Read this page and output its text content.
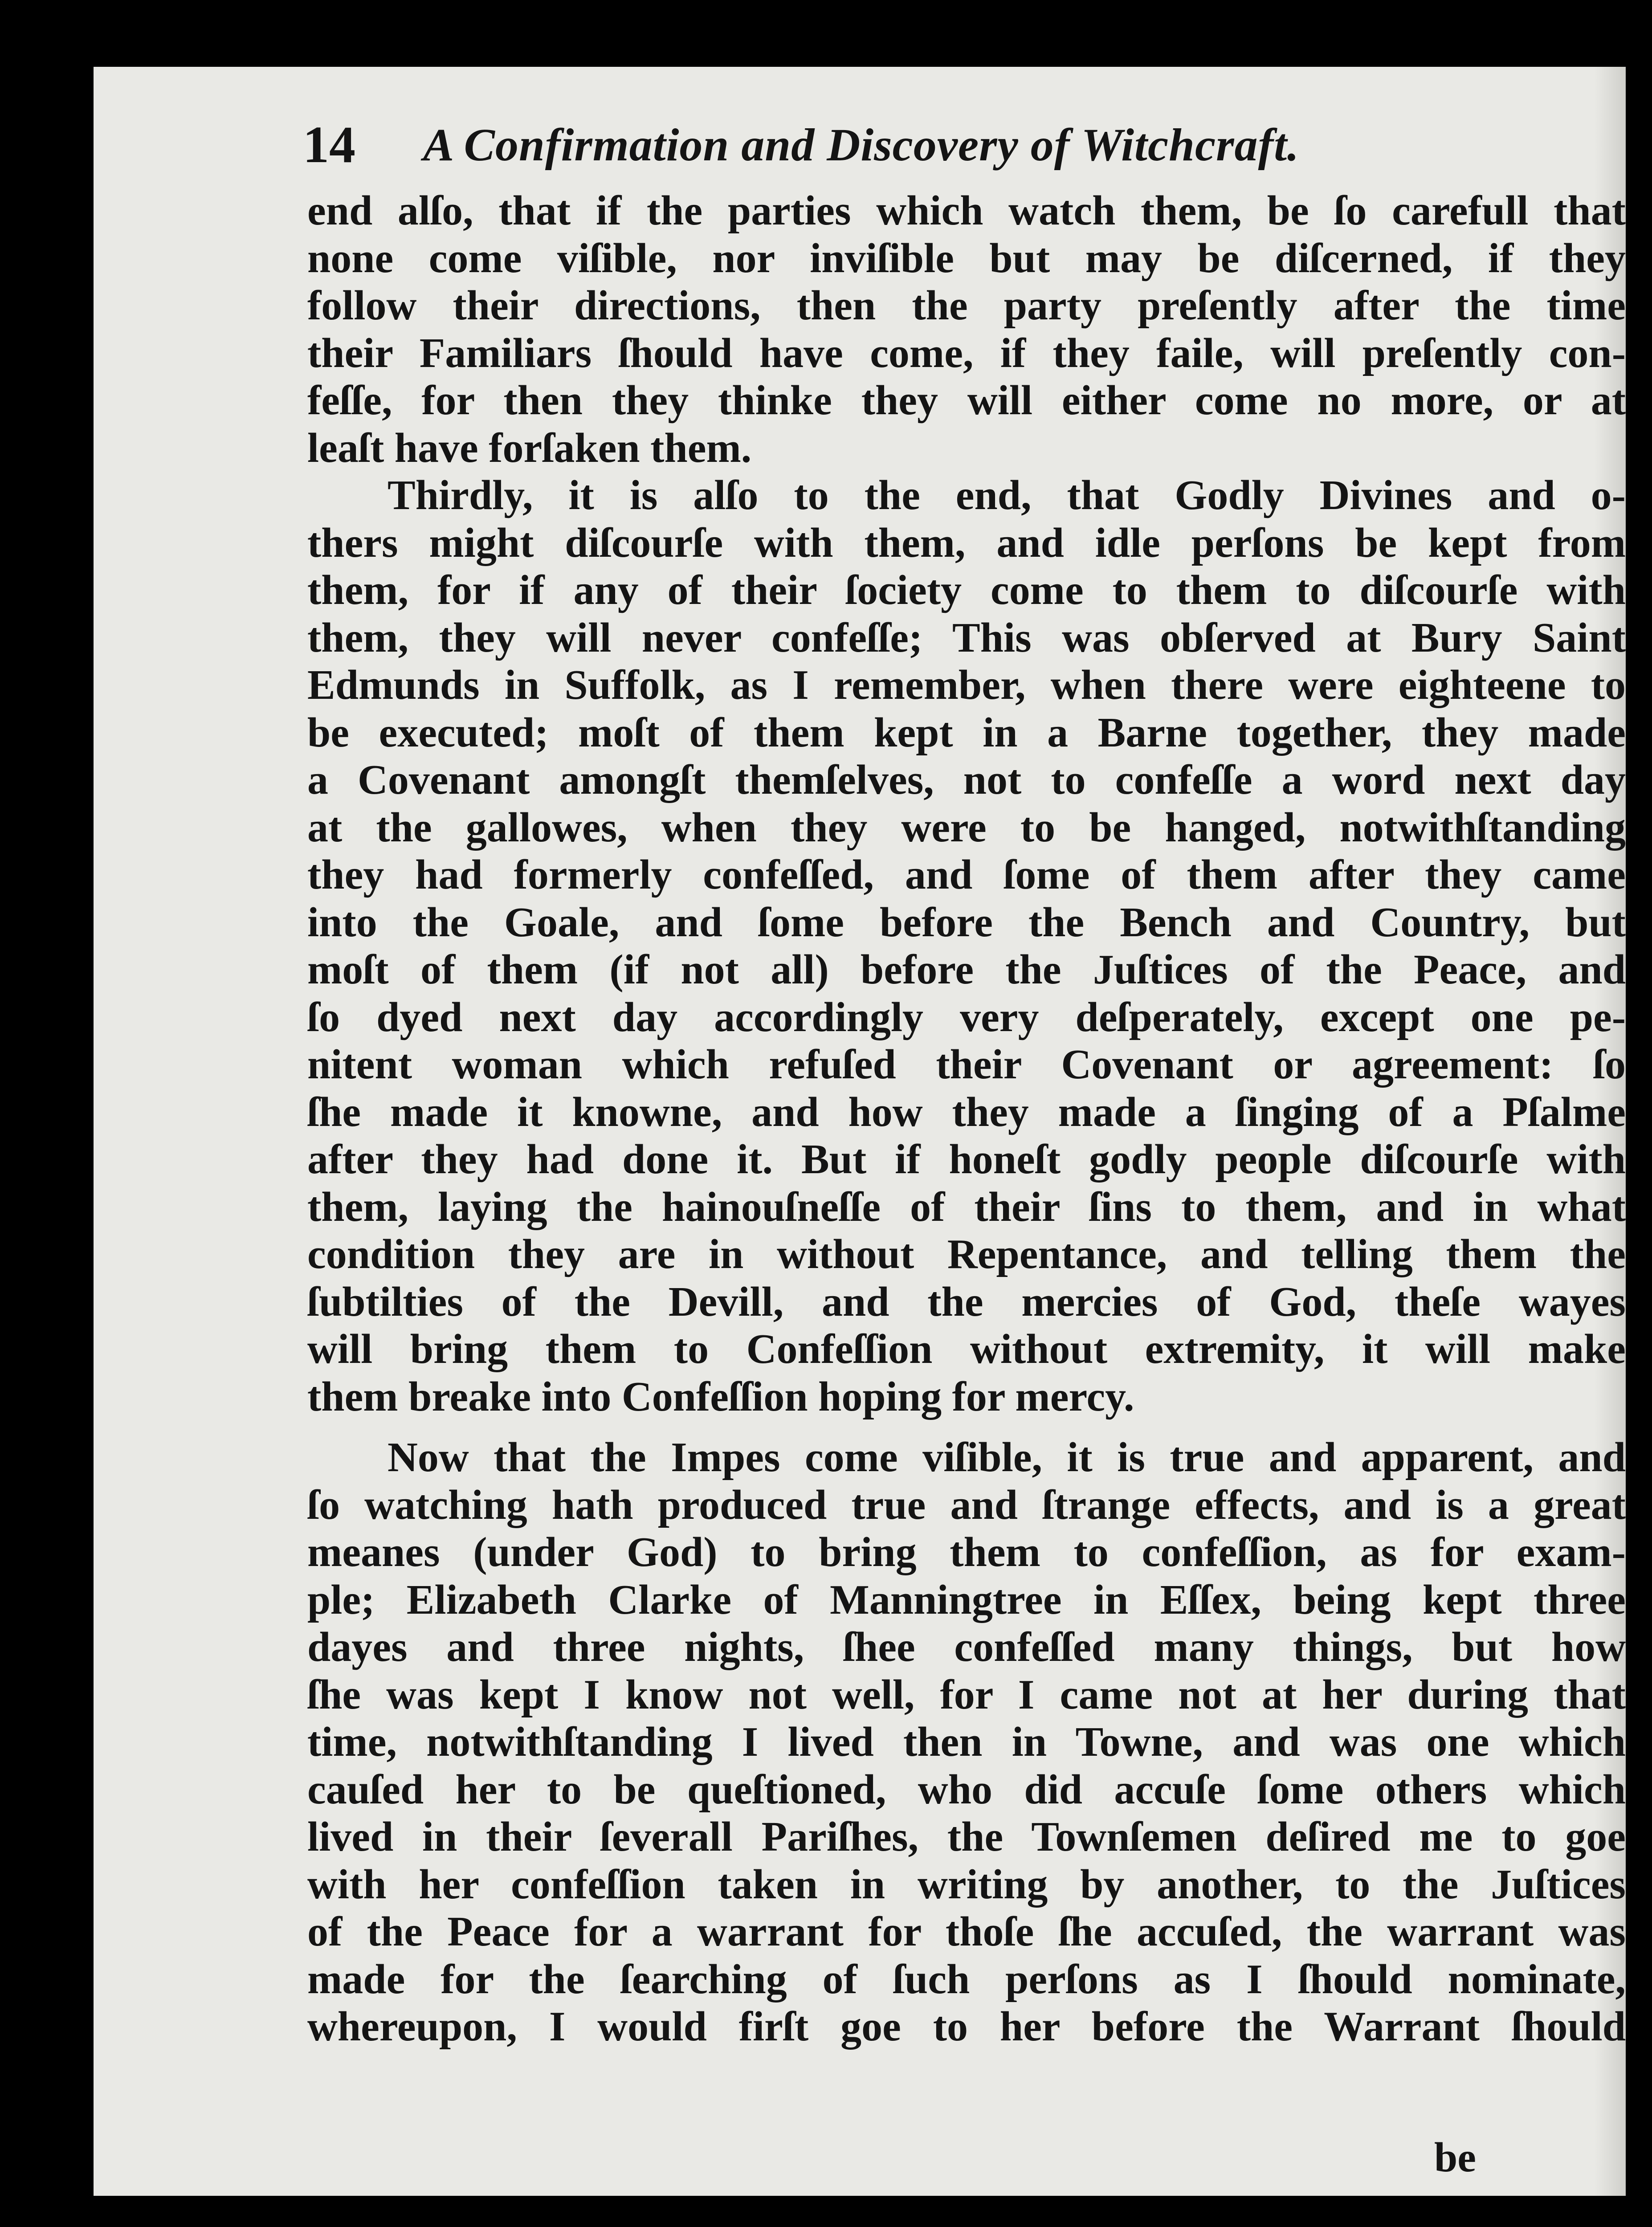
14	A Confirmation and Discovery of Witchcraft.
end alſo, that if the parties which watch them, be ſo carefull that
none come viſible, nor inviſible but may be diſcerned, if they
follow their directions, then the party preſently after the time
their Familiars ſhould have come, if they faile, will preſently con-
feſſe, for then they thinke they will either come no more, or at
leaſt have forſaken them.
Thirdly, it is alſo to the end, that Godly Divines and o-
thers might diſcourſe with them, and idle perſons be kept from
them, for if any of their ſociety come to them to diſcourſe with
them, they will never confeſſe; This was obſerved at Bury Saint
Edmunds in Suffolk, as I remember, when there were eighteene to
be executed; moſt of them kept in a Barne together, they made
a Covenant amongſt themſelves, not to confeſſe a word next day
at the gallowes, when they were to be hanged, notwithſtanding
they had formerly confeſſed, and ſome of them after they came
into the Goale, and ſome before the Bench and Country, but
moſt of them (if not all) before the Juſtices of the Peace, and
ſo dyed next day accordingly very deſperately, except one pe-
nitent woman which refuſed their Covenant or agreement: ſo
ſhe made it knowne, and how they made a ſinging of a Pſalme
after they had done it. But if honeſt godly people diſcourſe with
them, laying the hainouſneſſe of their ſins to them, and in what
condition they are in without Repentance, and telling them the
ſubtilties of the Devill, and the mercies of God, theſe wayes
will bring them to Confeſſion without extremity, it will make
them breake into Confeſſion hoping for mercy.
Now that the Impes come viſible, it is true and apparent, and
ſo watching hath produced true and ſtrange effects, and is a great
meanes (under God) to bring them to confeſſion, as for exam-
ple; Elizabeth Clarke of Manningtree in Eſſex, being kept three
dayes and three nights, ſhee confeſſed many things, but how
ſhe was kept I know not well, for I came not at her during that
time, notwithſtanding I lived then in Towne, and was one which
cauſed her to be queſtioned, who did accuſe ſome others which
lived in their ſeverall Pariſhes, the Townſemen deſired me to goe
with her confeſſion taken in writing by another, to the Juſtices
of the Peace for a warrant for thoſe ſhe accuſed, the warrant was
made for the ſearching of ſuch perſons as I ſhould nominate,
whereupon, I would firſt goe to her before the Warrant ſhould
be
